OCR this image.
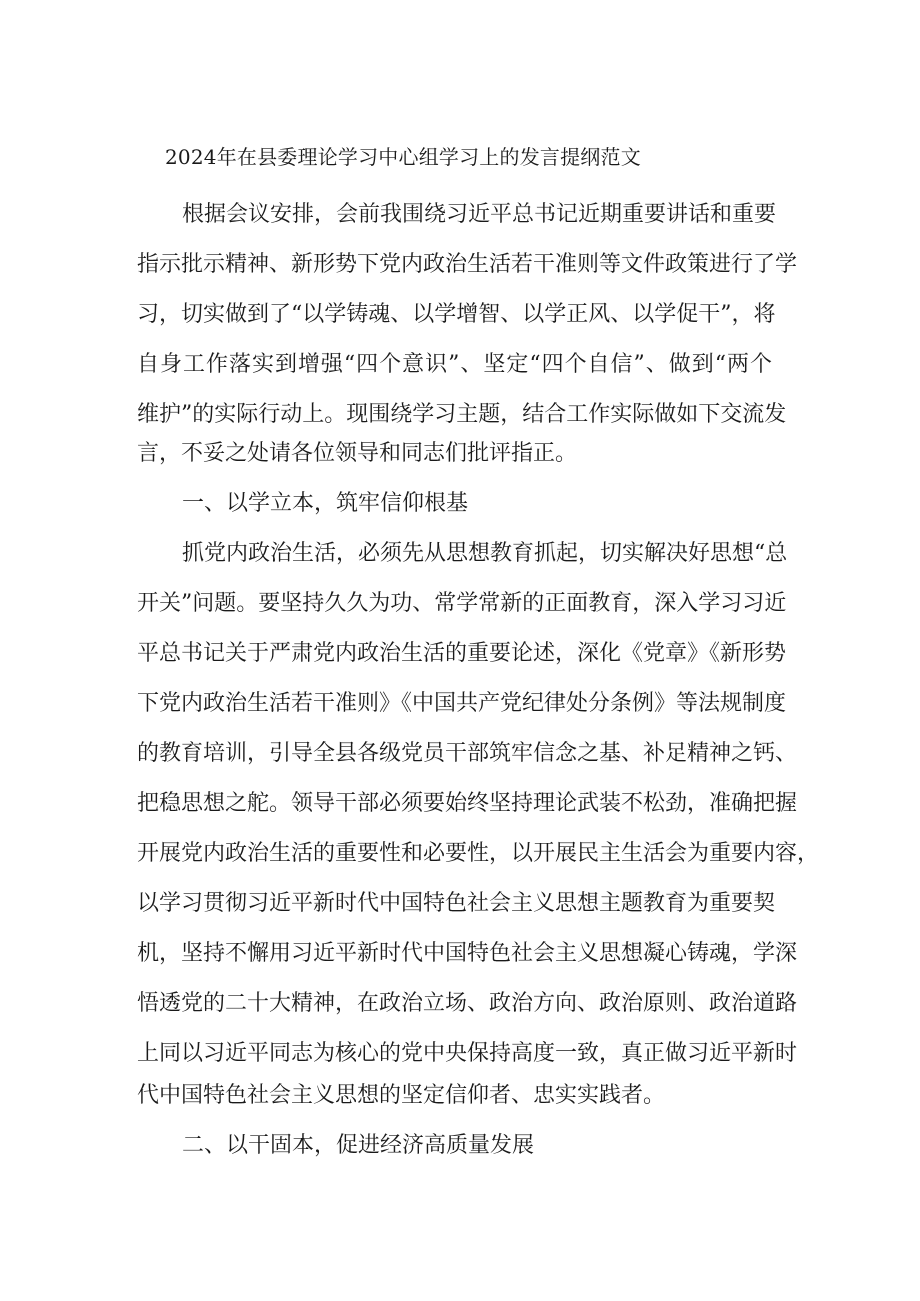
2024年在县委理论学习中心组学习上的发言提纲范文
根据会议安排，会前我围绕习近平总书记近期重要讲话和重要
指示批示精神、新形势下党内政治生活若干准则等文件政策进行了学
习，切实做到了“以学铸魂、以学增智、以学正风、以学促干”，将
自身工作落实到增强“四个意识”、坚定“四个自信”、做到“两个
维护”的实际行动上。现围绕学习主题，结合工作实际做如下交流发
言，不妥之处请各位领导和同志们批评指正。
一、以学立本，筑牢信仰根基
抓党内政治生活，必须先从思想教育抓起，切实解决好思想“总
开关”问题。要坚持久久为功、常学常新的正面教育，深入学习习近
平总书记关于严肃党内政治生活的重要论述，深化《党章》《新形势
下党内政治生活若干准则》《中国共产党纪律处分条例》等法规制度
的教育培训，引导全县各级党员干部筑牢信念之基、补足精神之钙、
把稳思想之舵。领导干部必须要始终坚持理论武装不松劲，准确把握
开展党内政治生活的重要性和必要性，以开展民主生活会为重要内容，
以学习贯彻习近平新时代中国特色社会主义思想主题教育为重要契
机，坚持不懈用习近平新时代中国特色社会主义思想凝心铸魂，学深
悟透党的二十大精神，在政治立场、政治方向、政治原则、政治道路
上同以习近平同志为核心的党中央保持高度一致，真正做习近平新时
代中国特色社会主义思想的坚定信仰者、忠实实践者。
二、以干固本，促进经济高质量发展
